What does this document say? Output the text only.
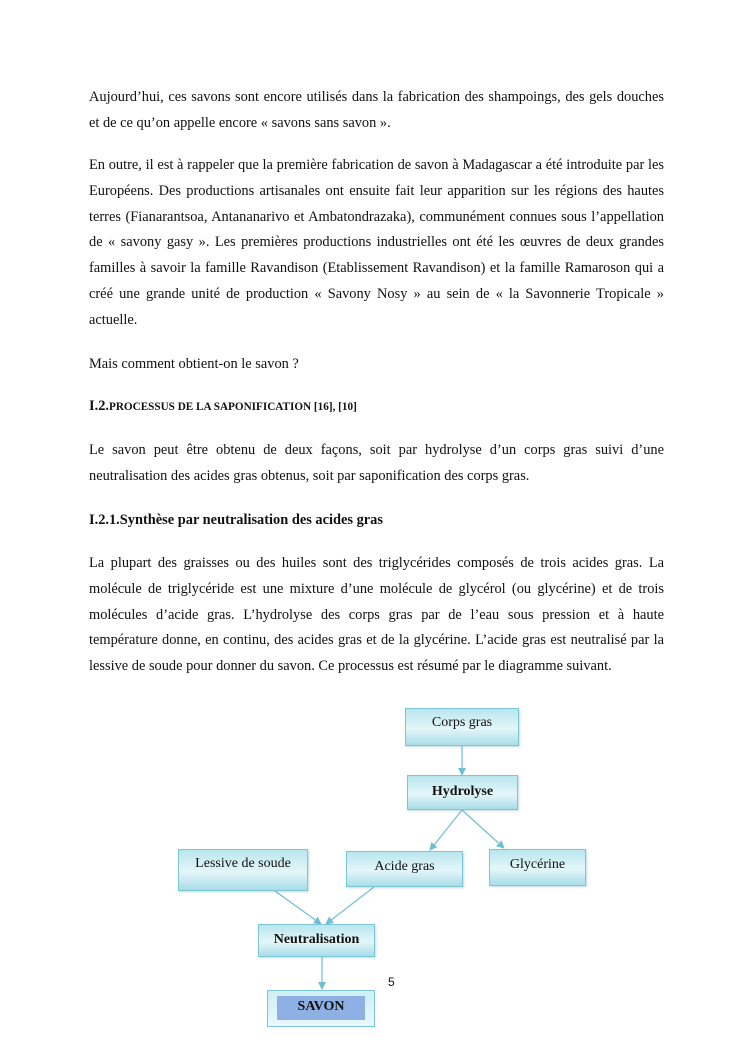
Aujourd’hui, ces savons sont encore utilisés dans la fabrication des shampoings, des gels douches et de ce qu’on appelle encore « savons sans savon ».

En outre, il est à rappeler que la première fabrication de savon à Madagascar a été introduite par les Européens. Des productions artisanales ont ensuite fait leur apparition sur les régions des hautes terres (Fianarantsoa, Antananarivo et Ambatondrazaka), communément connues sous l’appellation de « savony gasy ». Les premières productions industrielles ont été les œuvres de deux grandes familles à savoir la famille Ravandison (Etablissement Ravandison) et la famille Ramaroson qui a créé une grande unité de production « Savony Nosy » au sein de « la Savonnerie Tropicale » actuelle.

Mais comment obtient-on le savon ?

I.2.PROCESSUS DE LA SAPONIFICATION [16], [10]

Le savon peut être obtenu de deux façons, soit par hydrolyse d’un corps gras suivi d’une neutralisation des acides gras obtenus, soit par saponification des corps gras.

I.2.1.Synthèse par neutralisation des acides gras

La plupart des graisses ou des huiles sont des triglycérides composés de trois acides gras. La molécule de triglycéride est une mixture d’une molécule de glycérol (ou glycérine) et de trois molécules d’acide gras. L’hydrolyse des corps gras par de l’eau sous pression et à haute température donne, en continu, des acides gras et de la glycérine. L’acide gras est neutralisé par la lessive de soude pour donner du savon. Ce processus est résumé par le diagramme suivant.

Corps gras
Hydrolyse
Lessive de soude	Acide gras	Glycérine
Neutralisation
SAVON
5
